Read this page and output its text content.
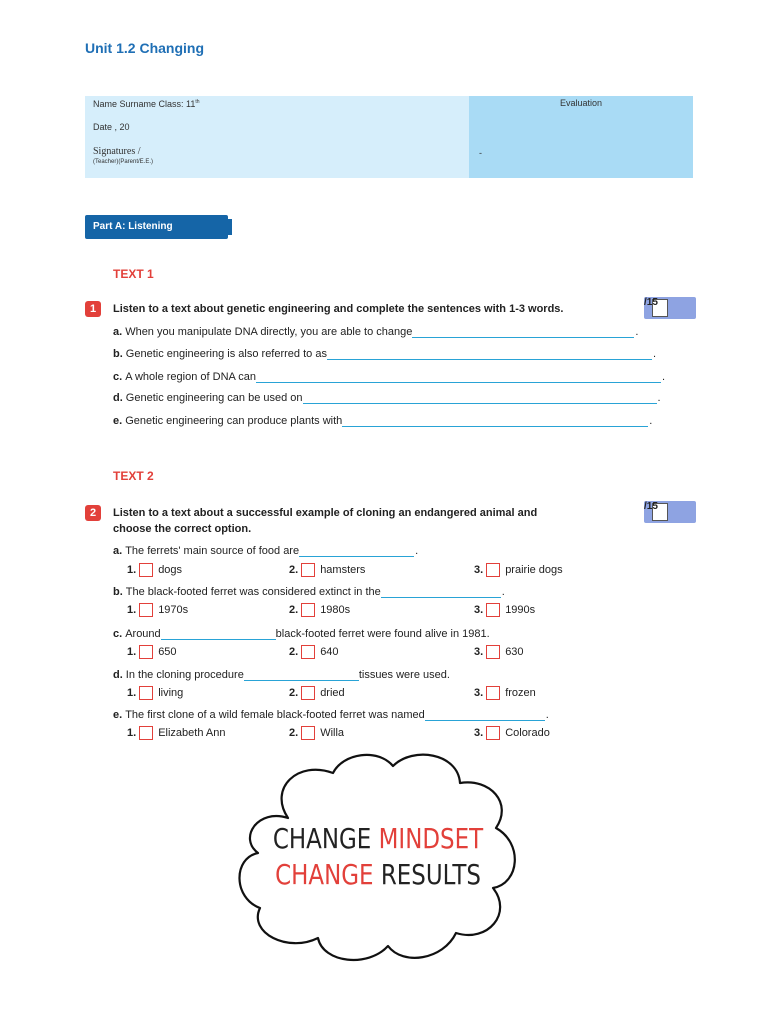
Unit 1.2 Changing
Name Surname Class: 11th
Date , 20
Signatures /
(Teacher)(Parent/E.E.)
Evaluation
-
Part A: Listening
TEXT 1
1	Listen to a text about genetic engineering and complete the sentences with 1-3 words.
/15
a. When you manipulate DNA directly, you are able to change	.
b. Genetic engineering is also referred to as	.
c. A whole region of DNA can	.
d. Genetic engineering can be used on	.
e. Genetic engineering can produce plants with	.
TEXT 2
2	Listen to a text about a successful example of cloning an endangered animal and
choose the correct option.
/15
a. The ferrets' main source of food are	.
1. dogs	2. hamsters	3. prairie dogs
b. The black-footed ferret was considered extinct in the	.
1. 1970s	2. 1980s	3. 1990s
c. Around	black-footed ferret were found alive in 1981.
1. 650	2. 640	3. 630
d. In the cloning procedure	tissues were used.
1. living	2. dried	3. frozen
e. The first clone of a wild female black-footed ferret was named	.
1. Elizabeth Ann	2. Willa	3. Colorado
CHANGE MINDSET
CHANGE RESULTS
